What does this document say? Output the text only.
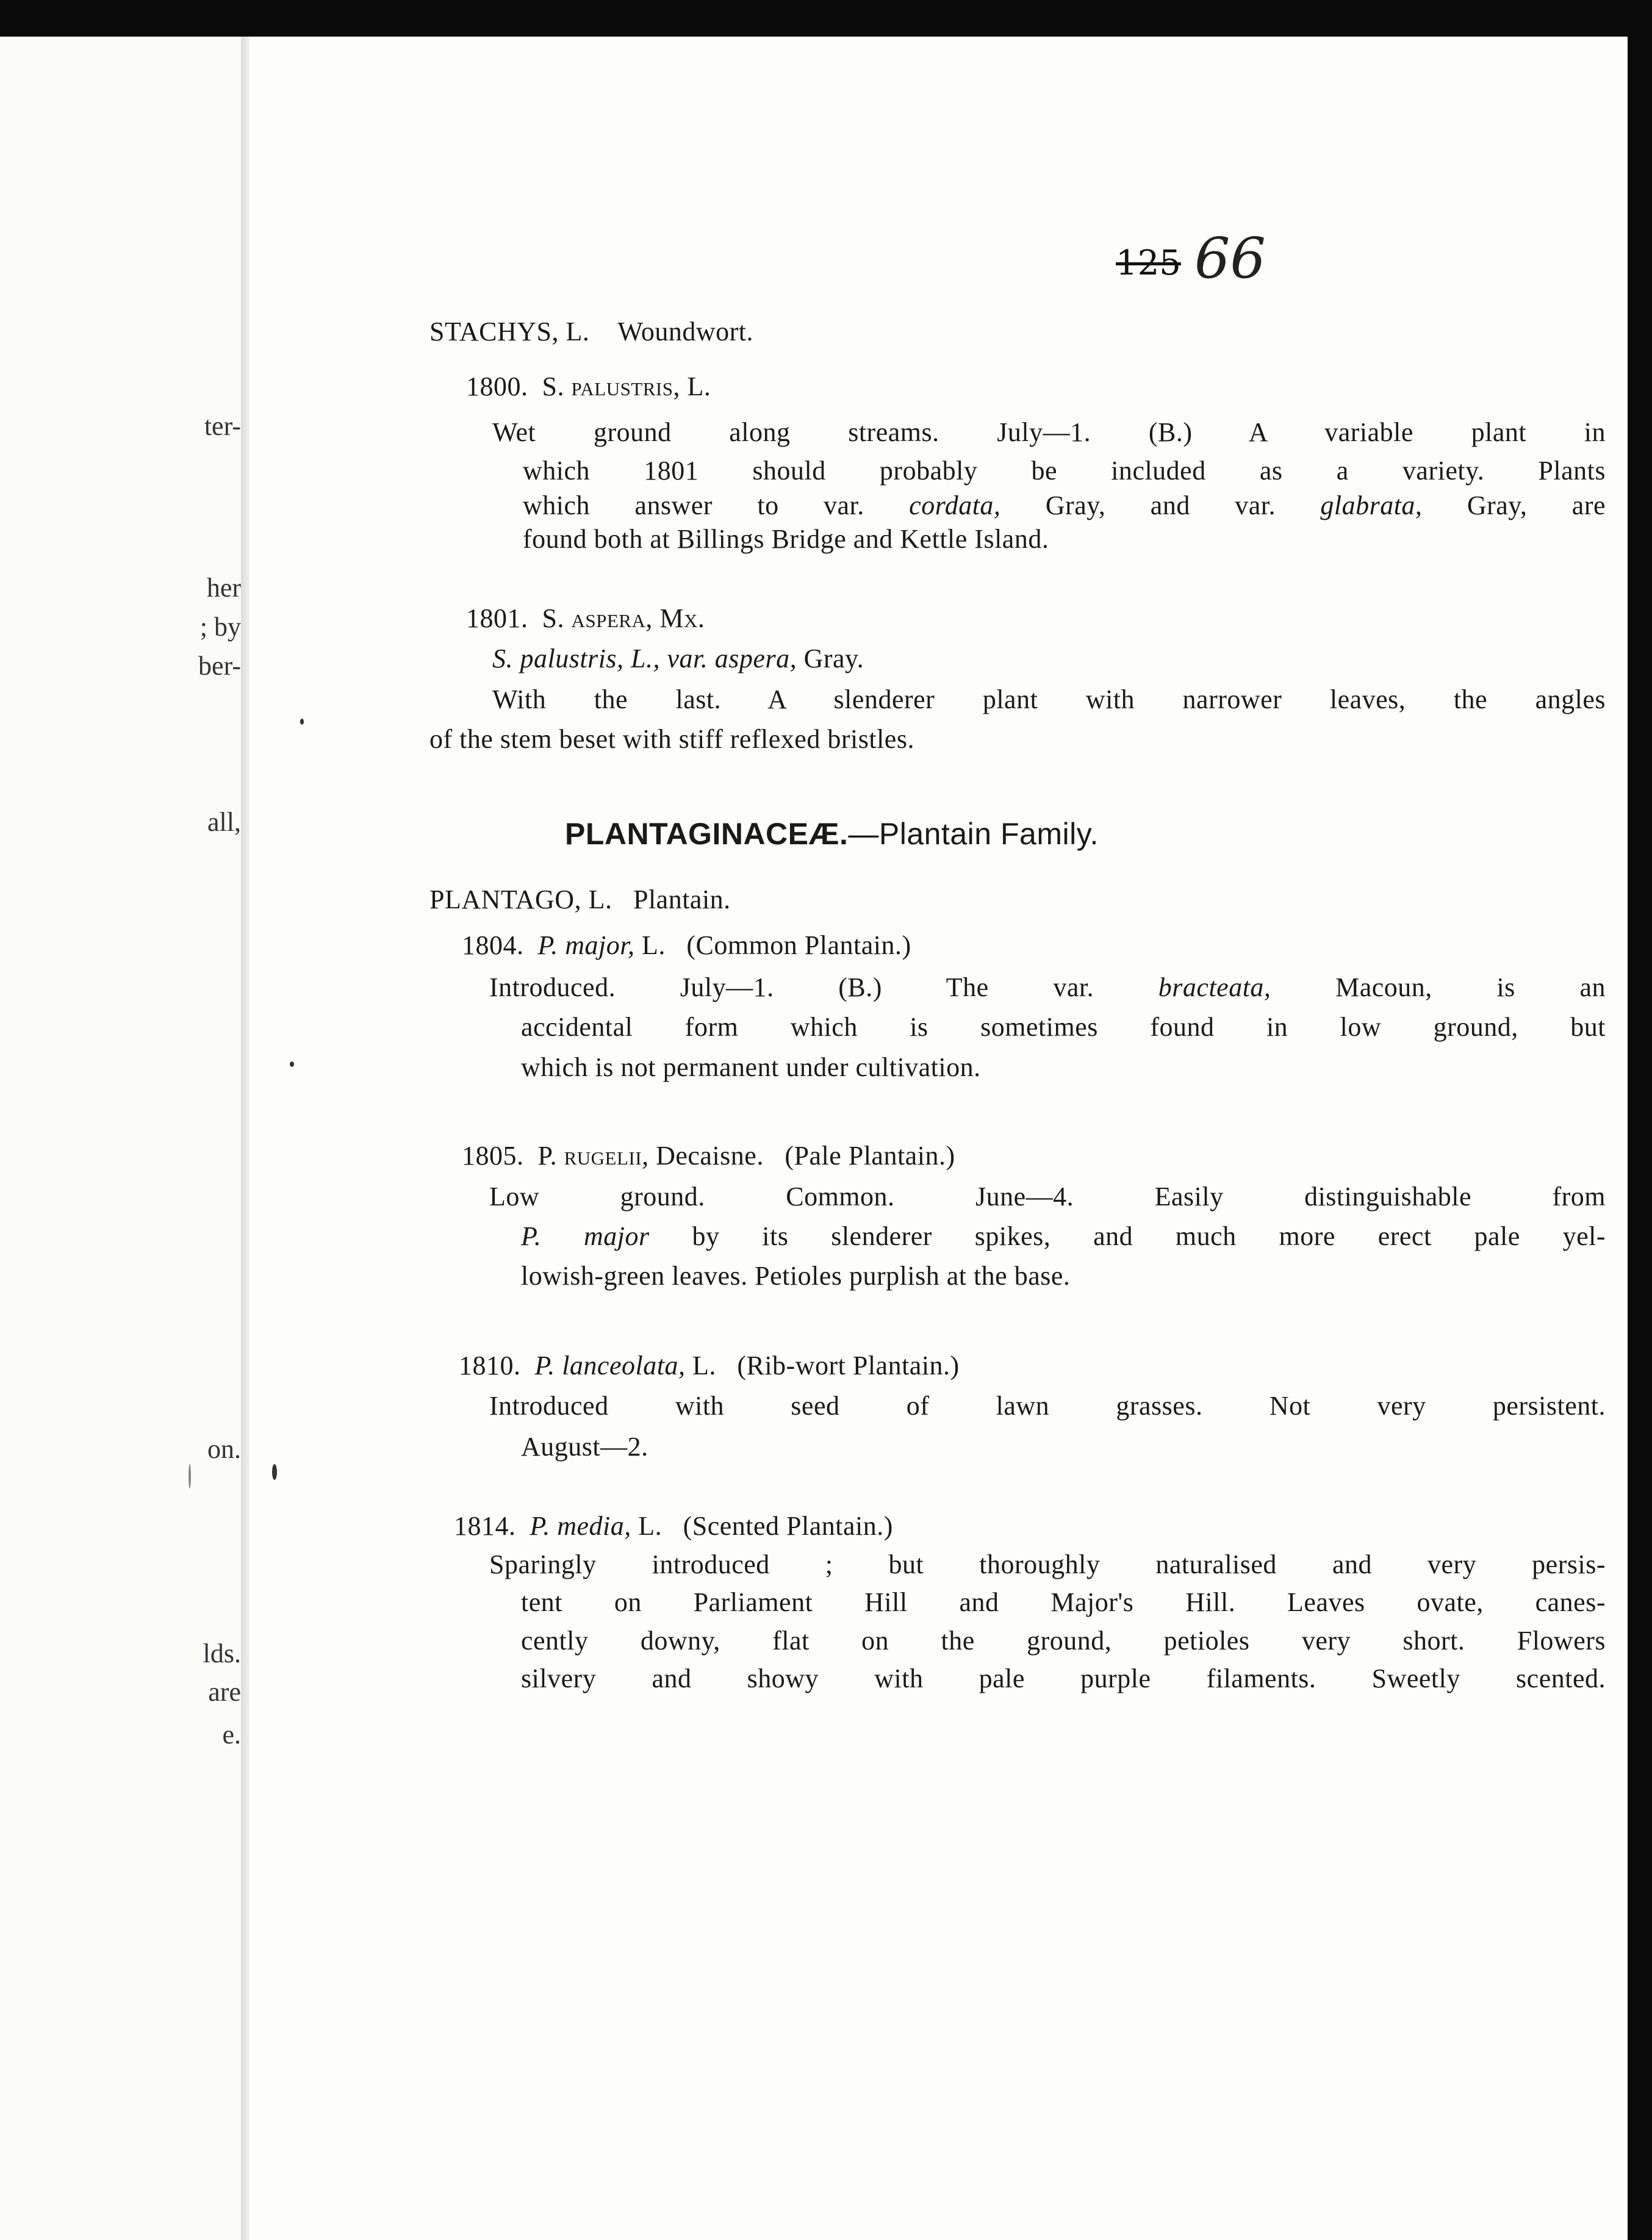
ter-
her
; by
ber-
all,
on.
lds.
are
e.
125 66
STACHYS, L. Woundwort.
1800. S. palustris, L.
Wet ground along streams. July—1. (B.) A variable plant in
which 1801 should probably be included as a variety. Plants
which answer to var. cordata, Gray, and var. glabrata, Gray, are
found both at Billings Bridge and Kettle Island.
1801. S. aspera, Mx.
S. palustris, L., var. aspera, Gray.
With the last. A slenderer plant with narrower leaves, the angles
of the stem beset with stiff reflexed bristles.
PLANTAGINACEÆ.—Plantain Family.
PLANTAGO, L. Plantain.
1804. P. major, L. (Common Plantain.)
Introduced. July—1. (B.) The var. bracteata, Macoun, is an
accidental form which is sometimes found in low ground, but
which is not permanent under cultivation.
1805. P. rugelii, Decaisne. (Pale Plantain.)
Low ground. Common. June—4. Easily distinguishable from
P. major by its slenderer spikes, and much more erect pale yel-
lowish-green leaves. Petioles purplish at the base.
1810. P. lanceolata, L. (Rib-wort Plantain.)
Introduced with seed of lawn grasses. Not very persistent.
August—2.
1814. P. media, L. (Scented Plantain.)
Sparingly introduced ; but thoroughly naturalised and very persis-
tent on Parliament Hill and Major's Hill. Leaves ovate, canes-
cently downy, flat on the ground, petioles very short. Flowers
silvery and showy with pale purple filaments. Sweetly scented.
